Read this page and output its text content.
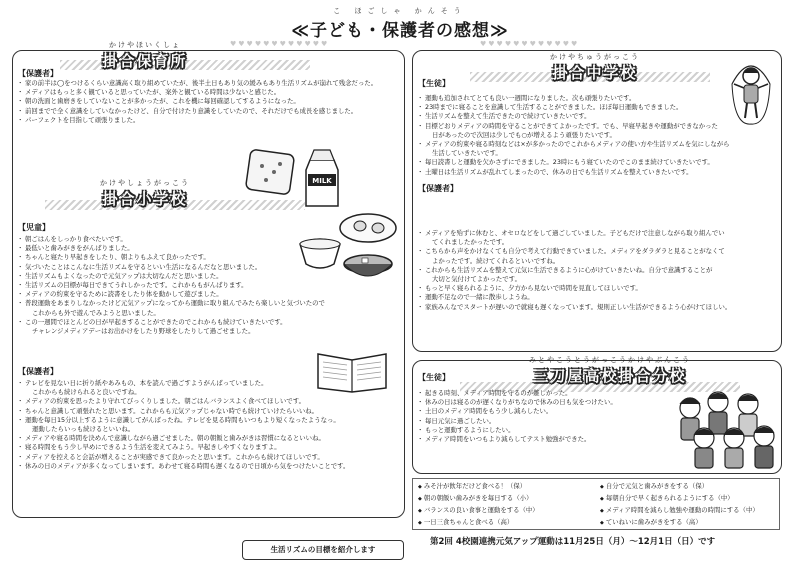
こ ほごしゃ かんそう
≪子ども・保護者の感想≫
♥♥♥♥♥♥♥♥♥♥♥♥	♥♥♥♥♥♥♥♥♥♥♥♥
かけやほいくしょ
掛合保育所
【保護者】
・ 家の前半は◯をつけるくらい意識高く取り組めていたが、後半土日もあり気の緩みもあり生活リズムが崩れて残念だった。
・ メディアはもっと多く観ていると思っていたが、案外と観ている時間は少ないと感じた。
・ 朝の洗面と歯磨きをしていないことが多かったが、これを機に毎回確認してするようになった。
・ 前回までで全く意識をしていなかったけど、自分で付けたり意識をしていたので、それだけでも成長を感じました。
・ パーフェクトを目指して頑張りました。
MILK
かけやしょうがっこう
掛合小学校
【児童】
・ 朝ごはんをしっかり食べたいです。
・ 最低いと歯みがきをがんばりました。
・ ちゃんと寝たり早起きをしたり、朝よりもふえて良かったです。
・ 気づいたことはこんなに生活リズムを守るといい生活になるんだなと思いました。
・ 生活リズムもよくなったので元気アップは大切なんだと思いました。
・ 生活リズムの目標が毎日できてうれしかったです。これからもがんばります。
・ メディアの約束を守るために読書をしたり体を動かして遊びました。
・ 普段運動をあまりしなかったけど元気アップになってから運動に取り組んでみたら楽しいと気づいたので
これからも外で遊んでみようと思いました。
・ この一週間でほとんどの日が早起きすることができたのでこれからも続けていきたいです。
チャレンジメディアデーはお出かけをしたり野球をしたりして過ごせました。
【保護者】
・ テレビを見ない日に折り紙やあみもの、本を読んで過ごすようがんばっていました。
これからも続けられると良いですね。
・ メディアの約束を思ったより守れてびっくりしました。朝ごはんバランスよく食べてほしいです。
・ ちゃんと意識して頑張れたと思います。これからも元気アップじゃない時でも続けていけたらいいね。
・ 運動を毎日15分以上するように意識してがんばったね。テレビを見る時間もいつもより短くなったようなっ。
運動したらいっも続けるといいね。
・ メディアや寝る時間を決めんで意識しながら過ごせました。朝の朝飯と歯みがきは習慣になるといいね。
・ 寝る時間をもう少し早めにできるよう生活を変えてみよう。早起きしやすくなりますよ。
・ メディアを控えると会話が増えることが実感できて良かったと思います。これからも続けてほしいです。
・ 休みの日のメディアが多くなってしまいます。あわせて寝る時間も遅くなるので日頃から気をつけたいことです。
生活リズムの目標を紹介します
かけやちゅうがっこう
掛合中学校
【生徒】
・ 運動も追加されてとても良い一週間になりました。次も頑張りたいです。
・ 23時までに寝ることを意識して生活することができました。ほぼ毎日運動もできました。
・ 生活リズムを整えて生活できたので続けていきたいです。
・ 目標どおりメディアの時間を守ることができてよかったです。でも、早寝早起きや運動ができなかった
日があったので次回は少しでも○が増えるよう頑張りたいです。
・ メディアの約束や寝る時刻などは×が多かったのでこれからメディアの使い方や生活リズムを気にしながら
生活していきたいです。
・ 毎日読書しと運動を欠かさずにできました。23時にもう寝ていたのでこのまま続けていきたいです。
・ 土曜日は生活リズムが乱れてしまったので、休みの日でも生活リズムを整えていきたいです。
【保護者】
・ メディアを殆ずに休むと、オセロなどをして過ごしていました。子どもだけで注意しながら取り組んでい
てくれましたかったです。
・ こちらから声をかけなくても自分で考えて行動できていました。メディアをダラダラと見ることがなくて
よかったです。続けてくれるといいですね。
・ これからも生活リズムを整えて元気に生活できるように心がけていきたいね。自分で意識することが
大切と気付けてよかったです。
・ もっと早く寝られるように、夕方から見ないで時間を見直してほしいです。
・ 運動不足なので一緒に散歩しようね。
・ 家族みんなでスタートが遅いので就寝も遅くなっています。規則正しい生活ができるよう心がけてほしい。
みとやこうとうがっこうかけやぶんこう
三刀屋高校掛合分校
【生徒】
・ 起きる時刻、メディア時間を守るのが難しかった。
・ 休みの日は寝るのが遅くなりがちなので休みの日も気をつけたい。
・ 土日のメディア時間をもう少し減らしたい。
・ 毎日元気に過ごしたい。
・ もっと運動するようにしたい。
・ メディア時間をいつもより減らしてテスト勉強ができた。
◆ みそ汁が飲年だけど食べる！（保）	◆ 自分で元気と歯みがきをする（保）
◆ 朝の朝飯い歯みがきを毎日する（小）	◆ 毎朝自分で早く起きられるようにする（中）
◆ バランスの良い食事と運動をする（中）	◆ メディア時間を減らし勉強や運動の時間にする（中）
◆ 一日三食ちゃんと食べる（高）	◆ ていねいに歯みがきをする（高）
第2回 4校園連携元気アップ運動は11月25日（月）～12月1日（日）です
